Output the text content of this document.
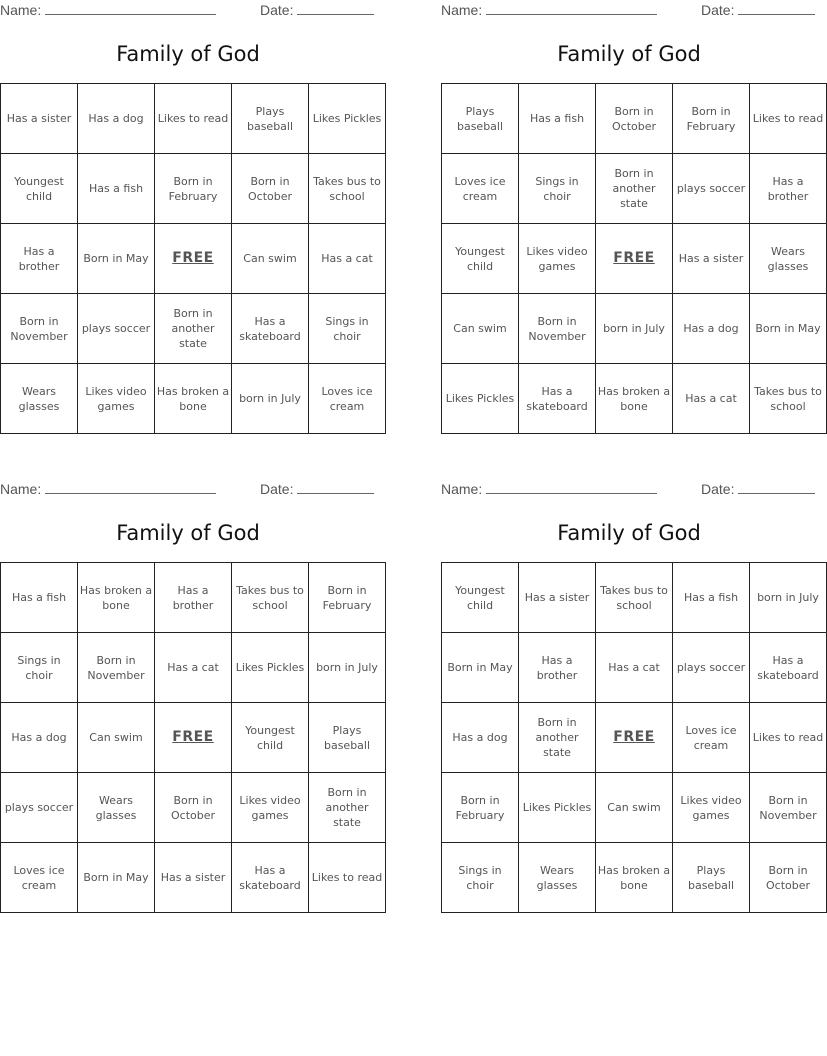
Name:	Date:
Family of God
Has a sister	Has a dog	Likes to read	Plays baseball	Likes Pickles
Youngest child	Has a fish	Born in February	Born in October	Takes bus to school
Has a brother	Born in May	FREE	Can swim	Has a cat
Born in November	plays soccer	Born in another state	Has a skateboard	Sings in choir
Wears glasses	Likes video games	Has broken a bone	born in July	Loves ice cream
Name:	Date:
Family of God
Plays baseball	Has a fish	Born in October	Born in February	Likes to read
Loves ice cream	Sings in choir	Born in another state	plays soccer	Has a brother
Youngest child	Likes video games	FREE	Has a sister	Wears glasses
Can swim	Born in November	born in July	Has a dog	Born in May
Likes Pickles	Has a skateboard	Has broken a bone	Has a cat	Takes bus to school
Name:	Date:
Family of God
Has a fish	Has broken a bone	Has a brother	Takes bus to school	Born in February
Sings in choir	Born in November	Has a cat	Likes Pickles	born in July
Has a dog	Can swim	FREE	Youngest child	Plays baseball
plays soccer	Wears glasses	Born in October	Likes video games	Born in another state
Loves ice cream	Born in May	Has a sister	Has a skateboard	Likes to read
Name:	Date:
Family of God
Youngest child	Has a sister	Takes bus to school	Has a fish	born in July
Born in May	Has a brother	Has a cat	plays soccer	Has a skateboard
Has a dog	Born in another state	FREE	Loves ice cream	Likes to read
Born in February	Likes Pickles	Can swim	Likes video games	Born in November
Sings in choir	Wears glasses	Has broken a bone	Plays baseball	Born in October
